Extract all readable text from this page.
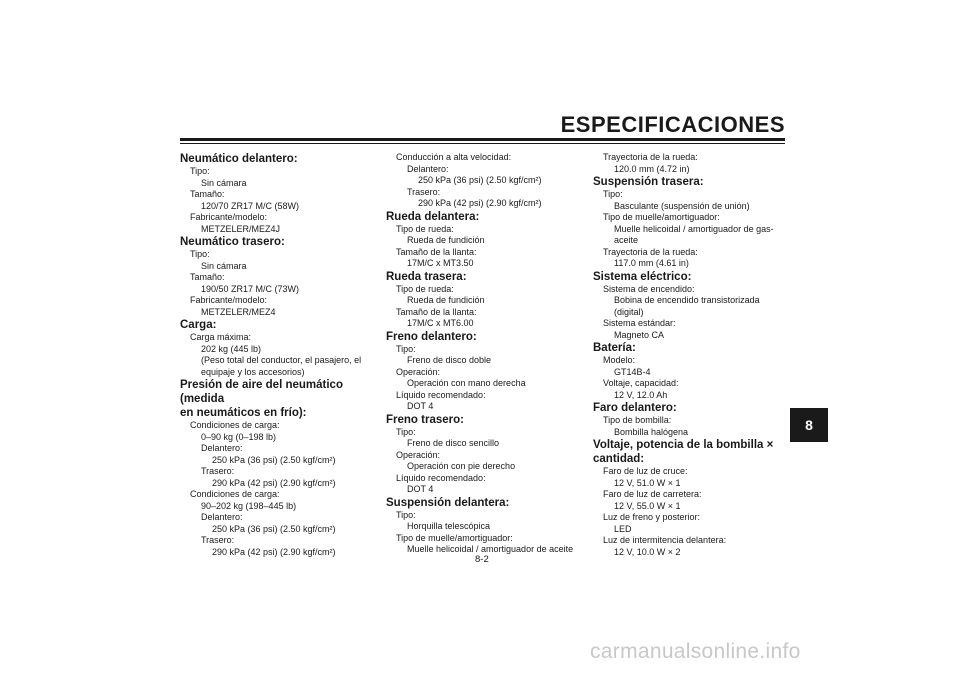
ESPECIFICACIONES

Neumático delantero:

Tipo:

Sin cámara

Tamaño:

120/70 ZR17 M/C (58W)

Fabricante/modelo:

METZELER/MEZ4J

Neumático trasero:

Tipo:

Sin cámara

Tamaño:

190/50 ZR17 M/C (73W)

Fabricante/modelo:

METZELER/MEZ4

Carga:

Carga máxima:

202 kg (445 lb)

(Peso total del conductor, el pasajero, el

equipaje y los accesorios)

Presión de aire del neumático (medida

en neumáticos en frío):

Condiciones de carga:

0–90 kg (0–198 lb)

Delantero:

250 kPa (36 psi) (2.50 kgf/cm²)

Trasero:

290 kPa (42 psi) (2.90 kgf/cm²)

Condiciones de carga:

90–202 kg (198–445 lb)

Delantero:

250 kPa (36 psi) (2.50 kgf/cm²)

Trasero:

290 kPa (42 psi) (2.90 kgf/cm²)

Conducción a alta velocidad:

Delantero:

250 kPa (36 psi) (2.50 kgf/cm²)

Trasero:

290 kPa (42 psi) (2.90 kgf/cm²)

Rueda delantera:

Tipo de rueda:

Rueda de fundición

Tamaño de la llanta:

17M/C x MT3.50

Rueda trasera:

Tipo de rueda:

Rueda de fundición

Tamaño de la llanta:

17M/C x MT6.00

Freno delantero:

Tipo:

Freno de disco doble

Operación:

Operación con mano derecha

Líquido recomendado:

DOT 4

Freno trasero:

Tipo:

Freno de disco sencillo

Operación:

Operación con pie derecho

Líquido recomendado:

DOT 4

Suspensión delantera:

Tipo:

Horquilla telescópica

Tipo de muelle/amortiguador:

Muelle helicoidal / amortiguador de aceite

Trayectoria de la rueda:

120.0 mm (4.72 in)

Suspensión trasera:

Tipo:

Basculante (suspensión de unión)

Tipo de muelle/amortiguador:

Muelle helicoidal / amortiguador de gas-

aceite

Trayectoria de la rueda:

117.0 mm (4.61 in)

Sistema eléctrico:

Sistema de encendido:

Bobina de encendido transistorizada

(digital)

Sistema estándar:

Magneto CA

Batería:

Modelo:

GT14B-4

Voltaje, capacidad:

12 V, 12.0 Ah

Faro delantero:

Tipo de bombilla:

Bombilla halógena

Voltaje, potencia de la bombilla ×

cantidad:

Faro de luz de cruce:

12 V, 51.0 W × 1

Faro de luz de carretera:

12 V, 55.0 W × 1

Luz de freno y posterior:

LED

Luz de intermitencia delantera:

12 V, 10.0 W × 2

8
8-2
carmanualsonline.info
